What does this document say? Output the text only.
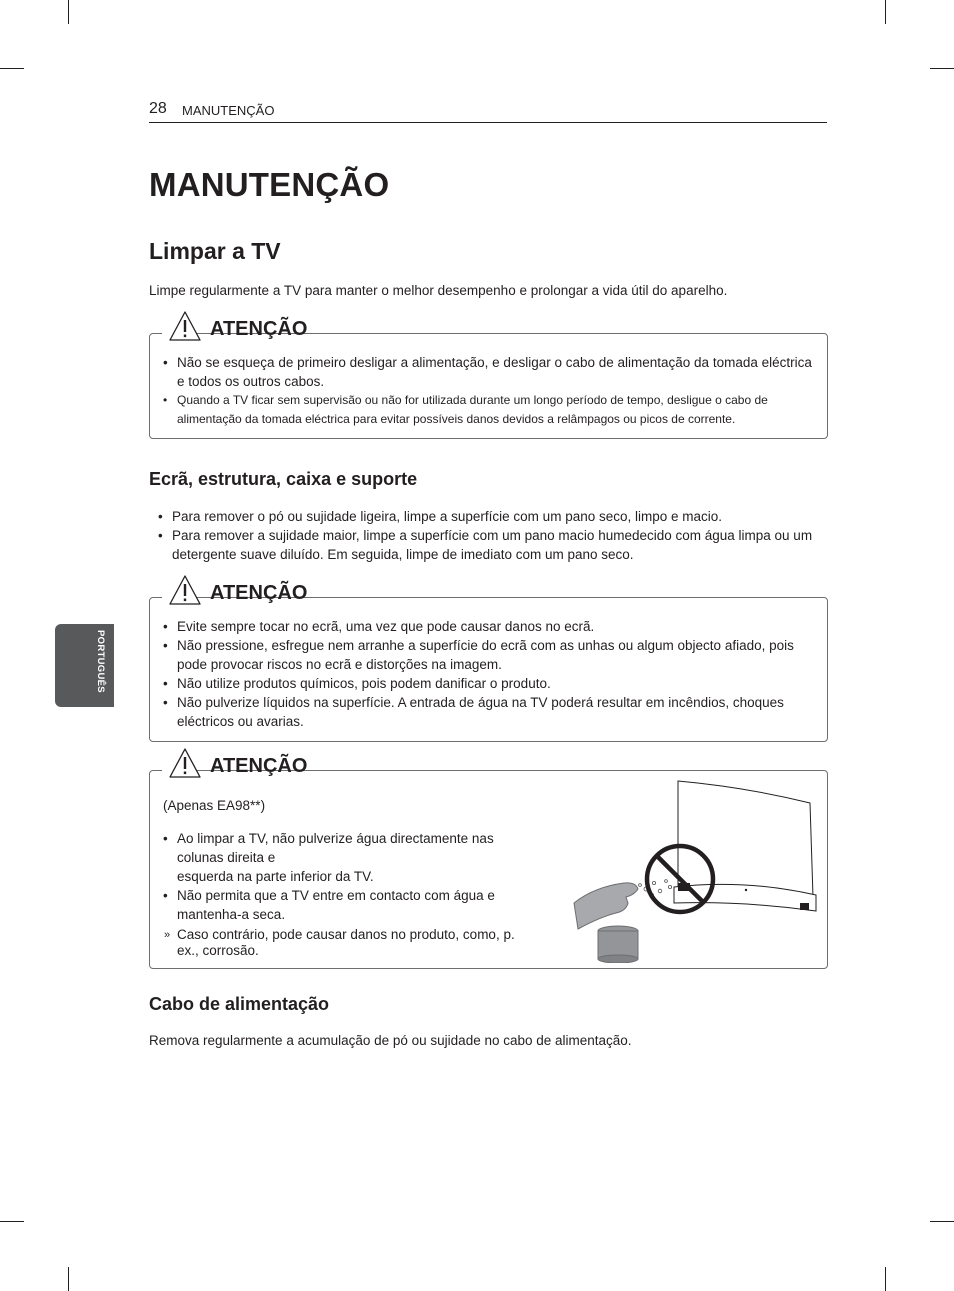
28 MANUTENÇÃO
PORTUGUÊS
MANUTENÇÃO
Limpar a TV
Limpe regularmente a TV para manter o melhor desempenho e prolongar a vida útil do aparelho.
ATENÇÃO
• Não se esqueça de primeiro desligar a alimentação, e desligar o cabo de alimentação da tomada eléctrica e todos os outros cabos.
• Quando a TV ficar sem supervisão ou não for utilizada durante um longo período de tempo, desligue o cabo de alimentação da tomada eléctrica para evitar possíveis danos devidos a relâmpagos ou picos de corrente.
Ecrã, estrutura, caixa e suporte
• Para remover o pó ou sujidade ligeira, limpe a superfície com um pano seco, limpo e macio.
• Para remover a sujidade maior, limpe a superfície com um pano macio humedecido com água limpa ou um detergente suave diluído. Em seguida, limpe de imediato com um pano seco.
ATENÇÃO
• Evite sempre tocar no ecrã, uma vez que pode causar danos no ecrã.
• Não pressione, esfregue nem arranhe a superfície do ecrã com as unhas ou algum objecto afiado, pois pode provocar riscos no ecrã e distorções na imagem.
• Não utilize produtos químicos, pois podem danificar o produto.
• Não pulverize líquidos na superfície. A entrada de água na TV poderá resultar em incêndios, choques eléctricos ou avarias.
ATENÇÃO
(Apenas EA98**)
• Ao limpar a TV, não pulverize água directamente nas colunas direita e
esquerda na parte inferior da TV.
• Não permita que a TV entre em contacto com água e mantenha-a seca.
» Caso contrário, pode causar danos no produto, como, p. ex., corrosão.
Cabo de alimentação
Remova regularmente a acumulação de pó ou sujidade no cabo de alimentação.
